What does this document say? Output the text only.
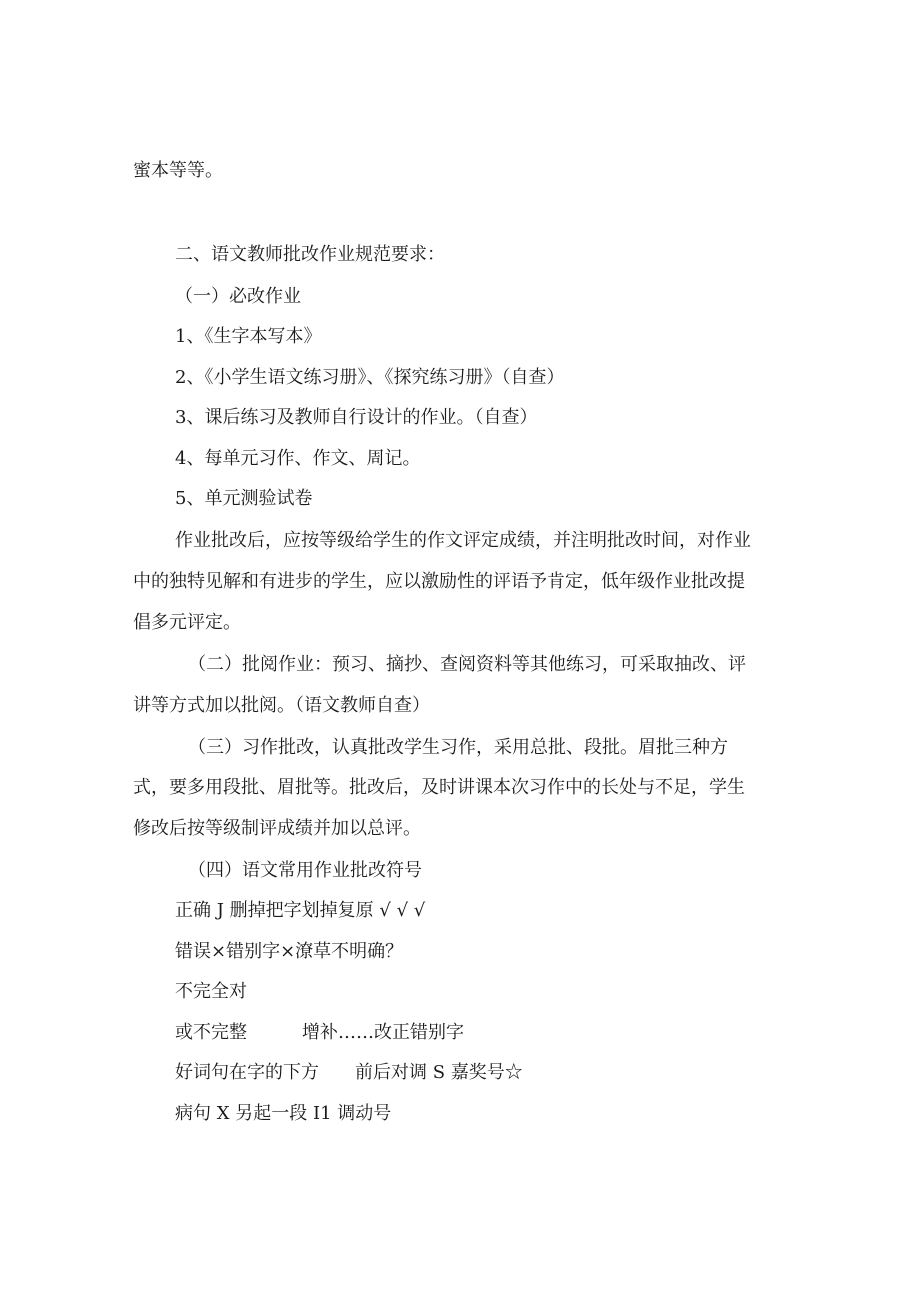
蜜本等等。

二、语文教师批改作业规范要求：

（一）必改作业

1、《生字本写本》

2、《小学生语文练习册》、《探究练习册》（自查）

3、课后练习及教师自行设计的作业。（自查）

4、每单元习作、作文、周记。

5、单元测验试卷

作业批改后，应按等级给学生的作文评定成绩，并注明批改时间，对作业

中的独特见解和有进步的学生，应以激励性的评语予肯定，低年级作业批改提

倡多元评定。

（二）批阅作业：预习、摘抄、查阅资料等其他练习，可采取抽改、评

讲等方式加以批阅。（语文教师自查）

（三）习作批改，认真批改学生习作，采用总批、段批。眉批三种方

式，要多用段批、眉批等。批改后，及时讲课本次习作中的长处与不足，学生

修改后按等级制评成绩并加以总评。

（四）语文常用作业批改符号

正确 J 删掉把字划掉复原 √ √ √

错误×错别字×潦草不明确？

不完全对

或不完整	增补……改正错别字

好词句在字的下方 前后对调 S 嘉奖号☆

病句 X 另起一段 I1 调动号
